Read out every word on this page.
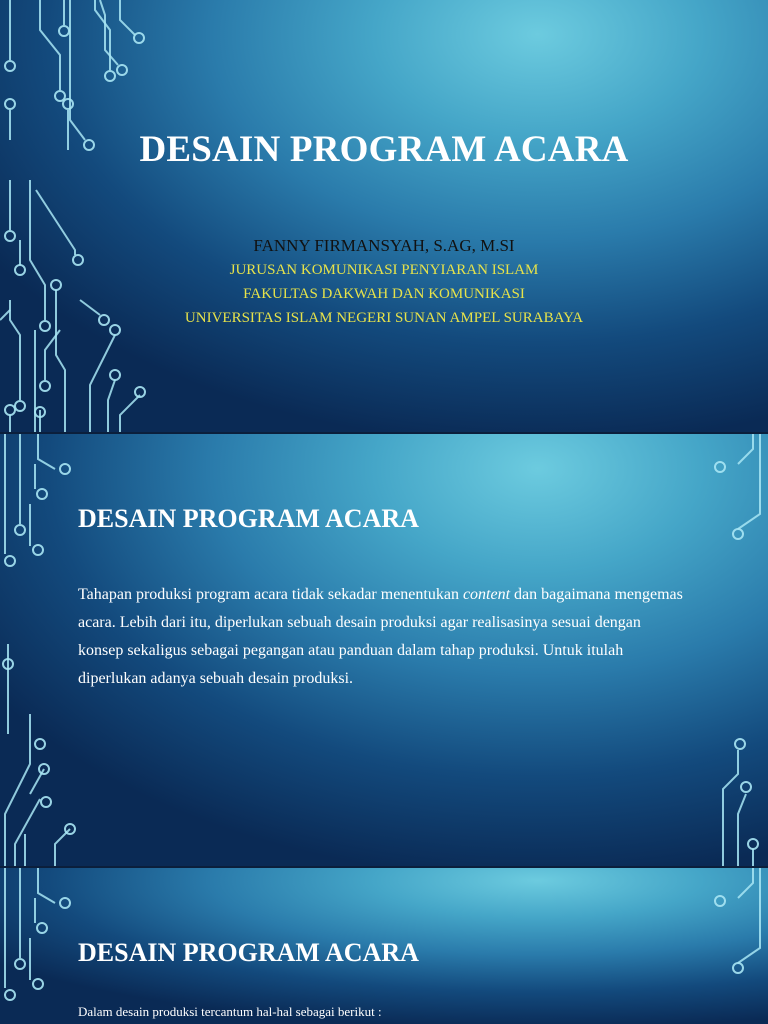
DESAIN PROGRAM ACARA
FANNY FIRMANSYAH, S.AG, M.SI
JURUSAN KOMUNIKASI PENYIARAN ISLAM
FAKULTAS DAKWAH DAN KOMUNIKASI
UNIVERSITAS ISLAM NEGERI SUNAN AMPEL SURABAYA
DESAIN PROGRAM ACARA
Tahapan produksi program acara tidak sekadar menentukan content dan bagaimana mengemas acara. Lebih dari itu, diperlukan sebuah desain produksi agar realisasinya sesuai dengan konsep sekaligus sebagai pegangan atau panduan dalam tahap produksi. Untuk itulah diperlukan adanya sebuah desain produksi.
DESAIN PROGRAM ACARA
Dalam desain produksi tercantum hal-hal sebagai berikut :
